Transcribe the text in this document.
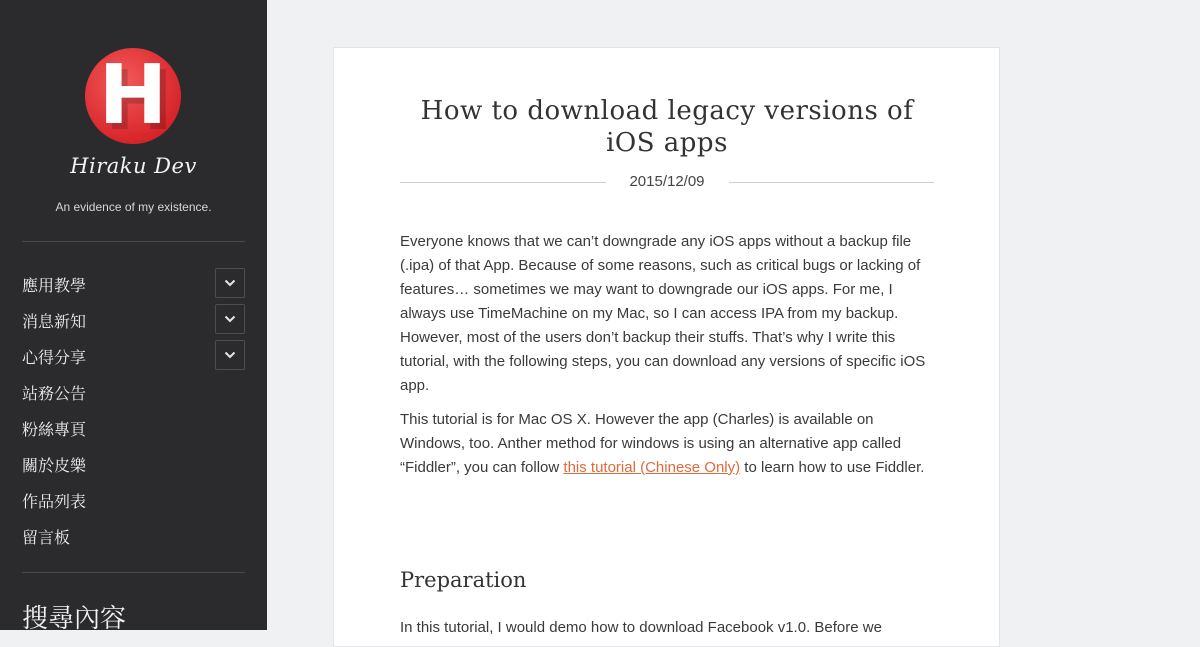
H
Hiraku Dev
An evidence of my existence.
應用教學
消息新知
心得分享
站務公告
粉絲專頁
關於皮樂
作品列表
留言板
搜尋內容
How to download legacy versions of
iOS apps
2015/12/09

Everyone knows that we can’t downgrade any iOS apps without a backup file (.ipa) of that App. Because of some reasons, such as critical bugs or lacking of features… sometimes we may want to downgrade our iOS apps. For me, I always use TimeMachine on my Mac, so I can access IPA from my backup. However, most of the users don’t backup their stuffs. That’s why I write this tutorial, with the following steps, you can download any versions of specific iOS app.

This tutorial is for Mac OS X. However the app (Charles) is available on Windows, too. Anther method for windows is using an alternative app called “Fiddler”, you can follow this tutorial (Chinese Only) to learn how to use Fiddler.

Preparation
In this tutorial, I would demo how to download Facebook v1.0. Before we
